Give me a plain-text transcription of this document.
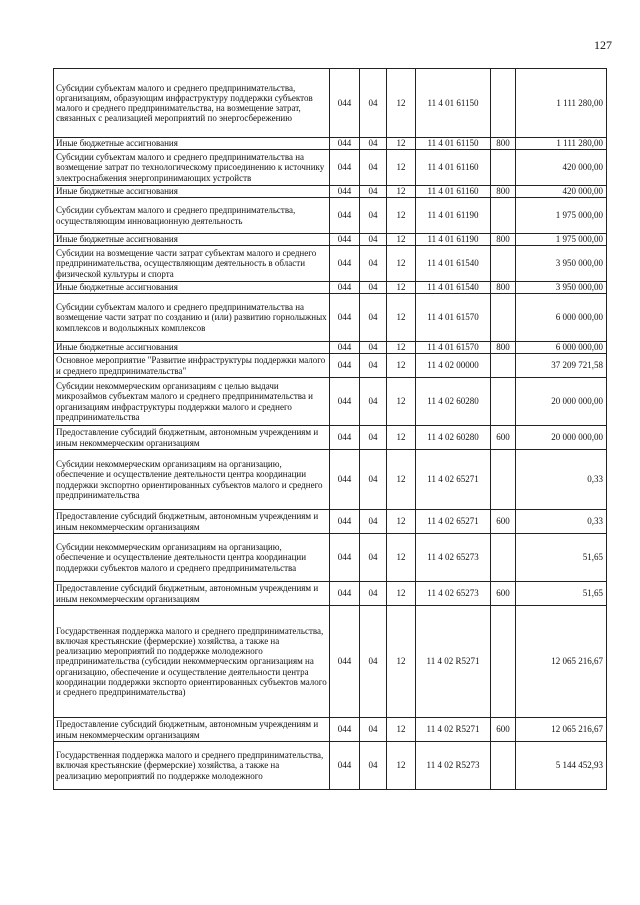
127
Субсидии субъектам малого и среднего предпринимательства, организациям, образующим инфраструктуру поддержки субъектов малого и среднего предпринимательства, на возмещение затрат, связанных с реализацией мероприятий по энергосбережению	044	04	12	11 4 01 61150		1 111 280,00
Иные бюджетные ассигнования	044	04	12	11 4 01 61150	800	1 111 280,00
Субсидии субъектам малого и среднего предпринимательства на возмещение затрат по технологическому присоединению к источнику электроснабжения энергопринимающих устройств	044	04	12	11 4 01 61160		420 000,00
Иные бюджетные ассигнования	044	04	12	11 4 01 61160	800	420 000,00
Субсидии субъектам малого и среднего предпринимательства, осуществляющим инновационную деятельность	044	04	12	11 4 01 61190		1 975 000,00
Иные бюджетные ассигнования	044	04	12	11 4 01 61190	800	1 975 000,00
Субсидии на возмещение части затрат субъектам малого и среднего предпринимательства, осуществляющим деятельность в области физической культуры и спорта	044	04	12	11 4 01 61540		3 950 000,00
Иные бюджетные ассигнования	044	04	12	11 4 01 61540	800	3 950 000,00
Субсидии субъектам малого и среднего предпринимательства на возмещение части затрат по созданию и (или) развитию горнолыжных комплексов и водолыжных комплексов	044	04	12	11 4 01 61570		6 000 000,00
Иные бюджетные ассигнования	044	04	12	11 4 01 61570	800	6 000 000,00
Основное мероприятие "Развитие инфраструктуры поддержки малого и среднего предпринимательства"	044	04	12	11 4 02 00000		37 209 721,58
Субсидии некоммерческим организациям с целью выдачи микрозаймов субъектам малого и среднего предпринимательства и организациям инфраструктуры поддержки малого и среднего предпринимательства	044	04	12	11 4 02 60280		20 000 000,00
Предоставление субсидий бюджетным, автономным учреждениям и иным некоммерческим организациям	044	04	12	11 4 02 60280	600	20 000 000,00
Субсидии некоммерческим организациям на организацию, обеспечение и осуществление деятельности центра координации поддержки экспортно ориентированных субъектов малого и среднего предпринимательства	044	04	12	11 4 02 65271		0,33
Предоставление субсидий бюджетным, автономным учреждениям и иным некоммерческим организациям	044	04	12	11 4 02 65271	600	0,33
Субсидии некоммерческим организациям на организацию, обеспечение и осуществление деятельности центра координации поддержки субъектов малого и среднего предпринимательства	044	04	12	11 4 02 65273		51,65
Предоставление субсидий бюджетным, автономным учреждениям и иным некоммерческим организациям	044	04	12	11 4 02 65273	600	51,65
Государственная поддержка малого и среднего предпринимательства, включая крестьянские (фермерские) хозяйства, а также на реализацию мероприятий по поддержке молодежного предпринимательства (субсидии некоммерческим организациям на организацию, обеспечение и осуществление деятельности центра координации поддержки экспорто ориентированных субъектов малого и среднего предпринимательства)	044	04	12	11 4 02 R5271		12 065 216,67
Предоставление субсидий бюджетным, автономным учреждениям и иным некоммерческим организациям	044	04	12	11 4 02 R5271	600	12 065 216,67
Государственная поддержка малого и среднего предпринимательства, включая крестьянские (фермерские) хозяйства, а также на реализацию мероприятий по поддержке молодежного	044	04	12	11 4 02 R5273		5 144 452,93
